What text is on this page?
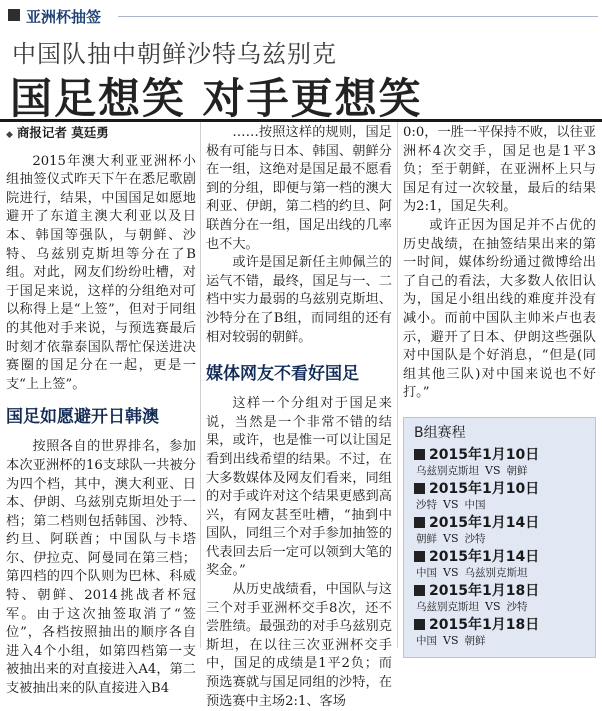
亚洲杯抽签
中国队抽中朝鲜沙特乌兹别克
国足想笑 对手更想笑
◆ 商报记者 莫廷勇

2015年澳大利亚亚洲杯小组抽签仪式昨天下午在悉尼歌剧院进行，结果，中国国足如愿地避开了东道主澳大利亚以及日本、韩国等强队，与朝鲜、沙特、乌兹别克斯坦等分在了B组。对此，网友们纷纷吐槽，对于国足来说，这样的分组绝对可以称得上是“上签”，但对于同组的其他对手来说，与预选赛最后时刻才依靠泰国队帮忙保送进决赛圈的国足分在一起，更是一支“上上签”。

国足如愿避开日韩澳

按照各自的世界排名，参加本次亚洲杯的16支球队一共被分为四个档，其中，澳大利亚、日本、伊朗、乌兹别克斯坦处于一档；第二档则包括韩国、沙特、约旦、阿联酋；中国队与卡塔尔、伊拉克、阿曼同在第三档；第四档的四个队则为巴林、科威特、朝鲜、2014挑战者杯冠军。由于这次抽签取消了“签位”，各档按照抽出的顺序各自进入4个小组，如第四档第一支被抽出来的对直接进入A4，第二支被抽出来的队直接进入B4

……按照这样的规则，国足极有可能与日本、韩国、朝鲜分在一组，这绝对是国足最不愿看到的分组，即便与第一档的澳大利亚、伊朗，第二档的约旦、阿联酋分在一组，国足出线的几率也不大。

或许是国足新任主帅佩兰的运气不错，最终，国足与一、二档中实力最弱的乌兹别克斯坦、沙特分在了B组，而同组的还有相对较弱的朝鲜。

媒体网友不看好国足

这样一个分组对于国足来说，当然是一个非常不错的结果，或许，也是惟一可以让国足看到出线希望的结果。不过，在大多数媒体及网友们看来，同组的对手或许对这个结果更感到高兴，有网友甚至吐槽，“抽到中国队，同组三个对手参加抽签的代表回去后一定可以领到大笔的奖金。”

从历史战绩看，中国队与这三个对手亚洲杯交手8次，还不尝胜绩。最强劲的对手乌兹别克斯坦，在以往三次亚洲杯交手中，国足的成绩是1平2负；而预选赛就与国足同组的沙特，在预选赛中主场2:1、客场

0:0，一胜一平保持不败，以往亚洲杯4次交手，国足也是1平3负；至于朝鲜，在亚洲杯上只与国足有过一次较量，最后的结果为2:1，国足失利。

或许正因为国足并不占优的历史战绩，在抽签结果出来的第一时间，媒体纷纷通过微博给出了自己的看法，大多数人依旧认为，国足小组出线的难度并没有减小。而前中国队主帅米卢也表示，避开了日本、伊朗这些强队对中国队是个好消息，“但是(同组其他三队)对中国来说也不好打。”

B组赛程
2015年1月10日
乌兹别克斯坦 VS 朝鲜
2015年1月10日
沙特 VS 中国
2015年1月14日
朝鲜 VS 沙特
2015年1月14日
中国 VS 乌兹别克斯坦
2015年1月18日
乌兹别克斯坦 VS 沙特
2015年1月18日
中国 VS 朝鲜
